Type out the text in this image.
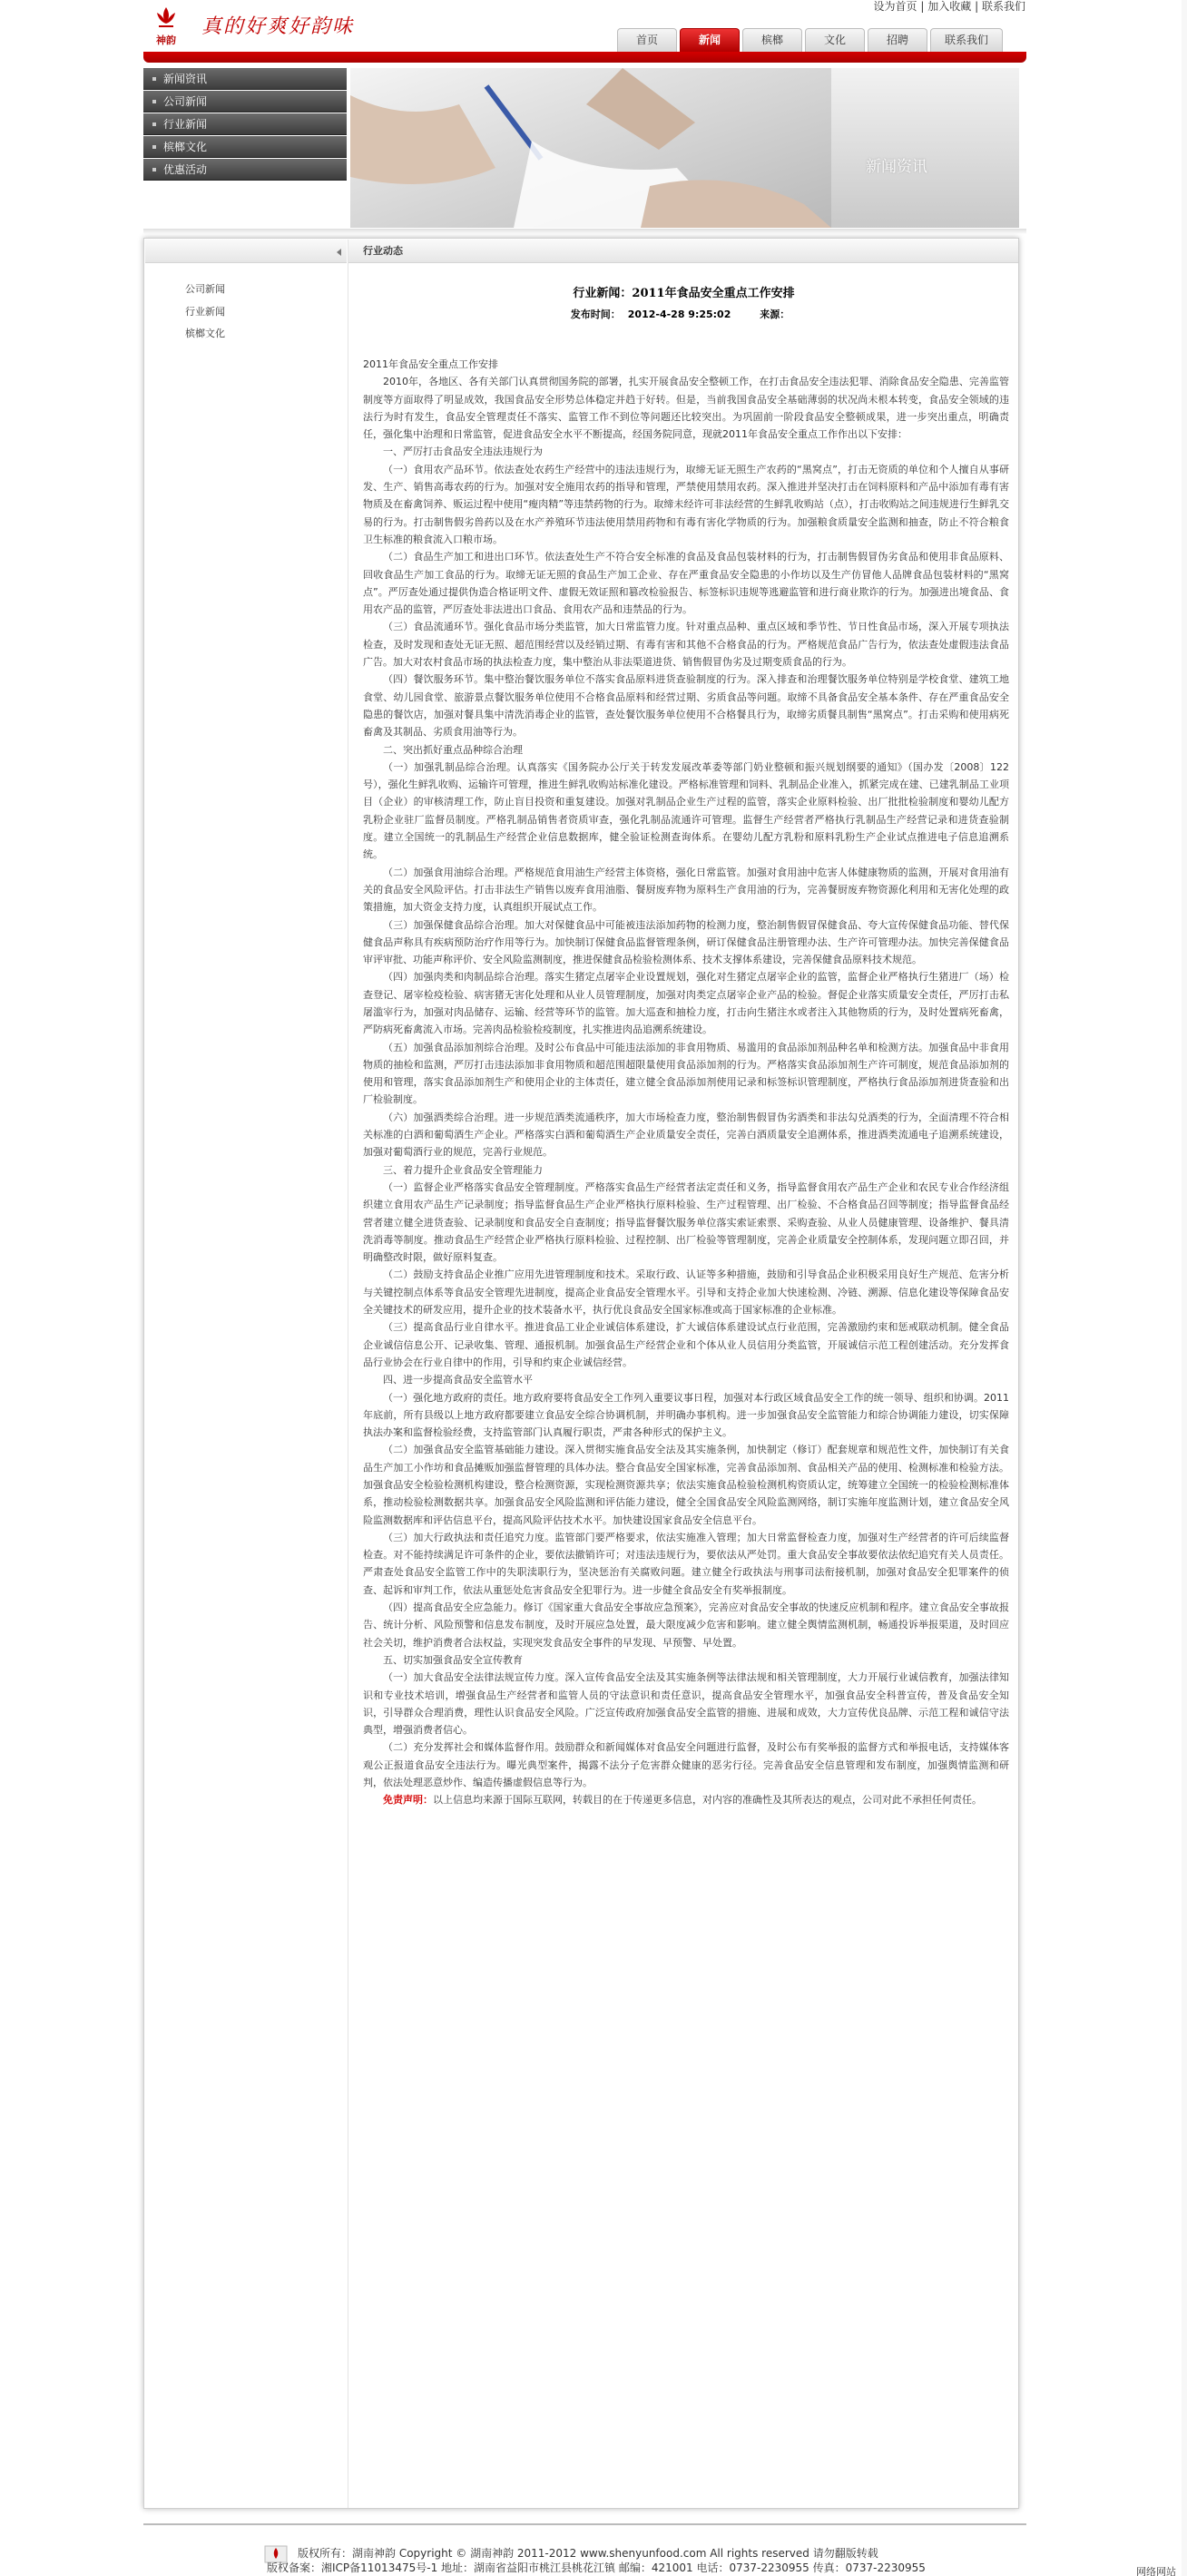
神韵
真的好爽好韵味
设为首页 | 加入收藏 | 联系我们
首页	新闻	槟榔	文化	招聘	联系我们
新闻资讯
公司新闻
行业新闻
槟榔文化
优惠活动	新闻资讯
公司新闻
行业新闻
槟榔文化
行业动态
行业新闻：2011年食品安全重点工作安排
发布时间： 2012-4-28 9:25:02	来源：

2011年食品安全重点工作安排

2010年，各地区、各有关部门认真贯彻国务院的部署，扎实开展食品安全整顿工作，在打击食品安全违法犯罪、消除食品安全隐患、完善监管制度等方面取得了明显成效，我国食品安全形势总体稳定并趋于好转。但是，当前我国食品安全基础薄弱的状况尚未根本转变，食品安全领域的违法行为时有发生，食品安全管理责任不落实、监管工作不到位等问题还比较突出。为巩固前一阶段食品安全整顿成果，进一步突出重点，明确责任，强化集中治理和日常监管，促进食品安全水平不断提高，经国务院同意，现就2011年食品安全重点工作作出以下安排：

一、严厉打击食品安全违法违规行为

（一）食用农产品环节。依法查处农药生产经营中的违法违规行为，取缔无证无照生产农药的“黑窝点”，打击无资质的单位和个人擅自从事研发、生产、销售高毒农药的行为。加强对安全施用农药的指导和管理，严禁使用禁用农药。深入推进并坚决打击在饲料原料和产品中添加有毒有害物质及在畜禽饲养、贩运过程中使用“瘦肉精”等违禁药物的行为。取缔未经许可非法经营的生鲜乳收购站（点），打击收购站之间违规进行生鲜乳交易的行为。打击制售假劣兽药以及在水产养殖环节违法使用禁用药物和有毒有害化学物质的行为。加强粮食质量安全监测和抽查，防止不符合粮食卫生标准的粮食流入口粮市场。

（二）食品生产加工和进出口环节。依法查处生产不符合安全标准的食品及食品包装材料的行为，打击制售假冒伪劣食品和使用非食品原料、回收食品生产加工食品的行为。取缔无证无照的食品生产加工企业、存在严重食品安全隐患的小作坊以及生产仿冒他人品牌食品包装材料的“黑窝点”。严厉查处通过提供伪造合格证明文件、虚假无效证照和篡改检验报告、标签标识违规等逃避监管和进行商业欺诈的行为。加强进出境食品、食用农产品的监管，严厉查处非法进出口食品、食用农产品和违禁品的行为。

（三）食品流通环节。强化食品市场分类监管，加大日常监管力度。针对重点品种、重点区域和季节性、节日性食品市场，深入开展专项执法检查，及时发现和查处无证无照、超范围经营以及经销过期、有毒有害和其他不合格食品的行为。严格规范食品广告行为，依法查处虚假违法食品广告。加大对农村食品市场的执法检查力度，集中整治从非法渠道进货、销售假冒伪劣及过期变质食品的行为。

（四）餐饮服务环节。集中整治餐饮服务单位不落实食品原料进货查验制度的行为。深入排查和治理餐饮服务单位特别是学校食堂、建筑工地食堂、幼儿园食堂、旅游景点餐饮服务单位使用不合格食品原料和经营过期、劣质食品等问题。取缔不具备食品安全基本条件、存在严重食品安全隐患的餐饮店，加强对餐具集中清洗消毒企业的监管，查处餐饮服务单位使用不合格餐具行为，取缔劣质餐具制售“黑窝点”。打击采购和使用病死畜禽及其制品、劣质食用油等行为。

二、突出抓好重点品种综合治理

（一）加强乳制品综合治理。认真落实《国务院办公厅关于转发发展改革委等部门奶业整顿和振兴规划纲要的通知》（国办发〔2008〕122号），强化生鲜乳收购、运输许可管理，推进生鲜乳收购站标准化建设。严格标准管理和饲料、乳制品企业准入，抓紧完成在建、已建乳制品工业项目（企业）的审核清理工作，防止盲目投资和重复建设。加强对乳制品企业生产过程的监管，落实企业原料检验、出厂批批检验制度和婴幼儿配方乳粉企业驻厂监督员制度。严格乳制品销售者资质审查，强化乳制品流通许可管理。监督生产经营者严格执行乳制品生产经营记录和进货查验制度。建立全国统一的乳制品生产经营企业信息数据库，健全验证检测查询体系。在婴幼儿配方乳粉和原料乳粉生产企业试点推进电子信息追溯系统。

（二）加强食用油综合治理。严格规范食用油生产经营主体资格，强化日常监管。加强对食用油中危害人体健康物质的监测，开展对食用油有关的食品安全风险评估。打击非法生产销售以废弃食用油脂、餐厨废弃物为原料生产食用油的行为，完善餐厨废弃物资源化利用和无害化处理的政策措施，加大资金支持力度，认真组织开展试点工作。

（三）加强保健食品综合治理。加大对保健食品中可能被违法添加药物的检测力度，整治制售假冒保健食品、夸大宣传保健食品功能、替代保健食品声称具有疾病预防治疗作用等行为。加快制订保健食品监督管理条例，研订保健食品注册管理办法、生产许可管理办法。加快完善保健食品审评审批、功能声称评价、安全风险监测制度，推进保健食品检验检测体系、技术支撑体系建设，完善保健食品原料技术规范。

（四）加强肉类和肉制品综合治理。落实生猪定点屠宰企业设置规划，强化对生猪定点屠宰企业的监管，监督企业严格执行生猪进厂（场）检查登记、屠宰检疫检验、病害猪无害化处理和从业人员管理制度，加强对肉类定点屠宰企业产品的检验。督促企业落实质量安全责任，严厉打击私屠滥宰行为，加强对肉品储存、运输、经营等环节的监管。加大巡查和抽检力度，打击向生猪注水或者注入其他物质的行为，及时处置病死畜禽，严防病死畜禽流入市场。完善肉品检验检疫制度，扎实推进肉品追溯系统建设。

（五）加强食品添加剂综合治理。及时公布食品中可能违法添加的非食用物质、易滥用的食品添加剂品种名单和检测方法。加强食品中非食用物质的抽检和监测，严厉打击违法添加非食用物质和超范围超限量使用食品添加剂的行为。严格落实食品添加剂生产许可制度，规范食品添加剂的使用和管理，落实食品添加剂生产和使用企业的主体责任，建立健全食品添加剂使用记录和标签标识管理制度，严格执行食品添加剂进货查验和出厂检验制度。

（六）加强酒类综合治理。进一步规范酒类流通秩序，加大市场检查力度，整治制售假冒伪劣酒类和非法勾兑酒类的行为，全面清理不符合相关标准的白酒和葡萄酒生产企业。严格落实白酒和葡萄酒生产企业质量安全责任，完善白酒质量安全追溯体系，推进酒类流通电子追溯系统建设，加强对葡萄酒行业的规范，完善行业规范。

三、着力提升企业食品安全管理能力

（一）监督企业严格落实食品安全管理制度。严格落实食品生产经营者法定责任和义务，指导监督食用农产品生产企业和农民专业合作经济组织建立食用农产品生产记录制度；指导监督食品生产企业严格执行原料检验、生产过程管理、出厂检验、不合格食品召回等制度；指导监督食品经营者建立健全进货查验、记录制度和食品安全自查制度；指导监督餐饮服务单位落实索证索票、采购查验、从业人员健康管理、设备维护、餐具清洗消毒等制度。推动食品生产经营企业严格执行原料检验、过程控制、出厂检验等管理制度，完善企业质量安全控制体系，发现问题立即召回，并明确整改时限，做好原料复查。

（二）鼓励支持食品企业推广应用先进管理制度和技术。采取行政、认证等多种措施，鼓励和引导食品企业积极采用良好生产规范、危害分析与关键控制点体系等食品安全管理先进制度，提高企业食品安全管理水平。引导和支持企业加大快速检测、冷链、溯源、信息化建设等保障食品安全关键技术的研发应用，提升企业的技术装备水平，执行优良食品安全国家标准或高于国家标准的企业标准。

（三）提高食品行业自律水平。推进食品工业企业诚信体系建设，扩大诚信体系建设试点行业范围，完善激励约束和惩戒联动机制。健全食品企业诚信信息公开、记录收集、管理、通报机制。加强食品生产经营企业和个体从业人员信用分类监管，开展诚信示范工程创建活动。充分发挥食品行业协会在行业自律中的作用，引导和约束企业诚信经营。

四、进一步提高食品安全监管水平

（一）强化地方政府的责任。地方政府要将食品安全工作列入重要议事日程，加强对本行政区域食品安全工作的统一领导、组织和协调。2011年底前，所有县级以上地方政府都要建立食品安全综合协调机制，并明确办事机构。进一步加强食品安全监管能力和综合协调能力建设，切实保障执法办案和监督检验经费，支持监管部门认真履行职责，严肃各种形式的保护主义。

（二）加强食品安全监管基础能力建设。深入贯彻实施食品安全法及其实施条例，加快制定（修订）配套规章和规范性文件，加快制订有关食品生产加工小作坊和食品摊贩加强监督管理的具体办法。整合食品安全国家标准，完善食品添加剂、食品相关产品的使用、检测标准和检验方法。加强食品安全检验检测机构建设，整合检测资源，实现检测资源共享；依法实施食品检验检测机构资质认定，统筹建立全国统一的检验检测标准体系，推动检验检测数据共享。加强食品安全风险监测和评估能力建设，健全全国食品安全风险监测网络，制订实施年度监测计划，建立食品安全风险监测数据库和评估信息平台，提高风险评估技术水平。加快建设国家食品安全信息平台。

（三）加大行政执法和责任追究力度。监管部门要严格要求，依法实施准入管理；加大日常监督检查力度，加强对生产经营者的许可后续监督检查。对不能持续满足许可条件的企业，要依法撤销许可；对违法违规行为，要依法从严处罚。重大食品安全事故要依法依纪追究有关人员责任。严肃查处食品安全监管工作中的失职渎职行为，坚决惩治有关腐败问题。建立健全行政执法与刑事司法衔接机制，加强对食品安全犯罪案件的侦查、起诉和审判工作，依法从重惩处危害食品安全犯罪行为。进一步健全食品安全有奖举报制度。

（四）提高食品安全应急能力。修订《国家重大食品安全事故应急预案》，完善应对食品安全事故的快速反应机制和程序。建立食品安全事故报告、统计分析、风险预警和信息发布制度，及时开展应急处置，最大限度减少危害和影响。建立健全舆情监测机制，畅通投诉举报渠道，及时回应社会关切，维护消费者合法权益，实现突发食品安全事件的早发现、早预警、早处置。

五、切实加强食品安全宣传教育

（一）加大食品安全法律法规宣传力度。深入宣传食品安全法及其实施条例等法律法规和相关管理制度，大力开展行业诚信教育，加强法律知识和专业技术培训，增强食品生产经营者和监管人员的守法意识和责任意识，提高食品安全管理水平，加强食品安全科普宣传，普及食品安全知识，引导群众合理消费，理性认识食品安全风险。广泛宣传政府加强食品安全监管的措施、进展和成效，大力宣传优良品牌、示范工程和诚信守法典型，增强消费者信心。

（二）充分发挥社会和媒体监督作用。鼓励群众和新闻媒体对食品安全问题进行监督，及时公布有奖举报的监督方式和举报电话，支持媒体客观公正报道食品安全违法行为。曝光典型案件，揭露不法分子危害群众健康的恶劣行径。完善食品安全信息管理和发布制度，加强舆情监测和研判，依法处理恶意炒作、编造传播虚假信息等行为。

免责声明：以上信息均来源于国际互联网，转载目的在于传递更多信息，对内容的准确性及其所表达的观点，公司对此不承担任何责任。

版权所有：湖南神韵 Copyright © 湖南神韵 2011-2012 www.shenyunfood.com All rights reserved 请勿翻版转载
版权备案：湘ICP备11013475号-1 地址：湖南省益阳市桃江县桃花江镇 邮编：421001 电话：0737-2230955 传真：0737-2230955	网络网站
